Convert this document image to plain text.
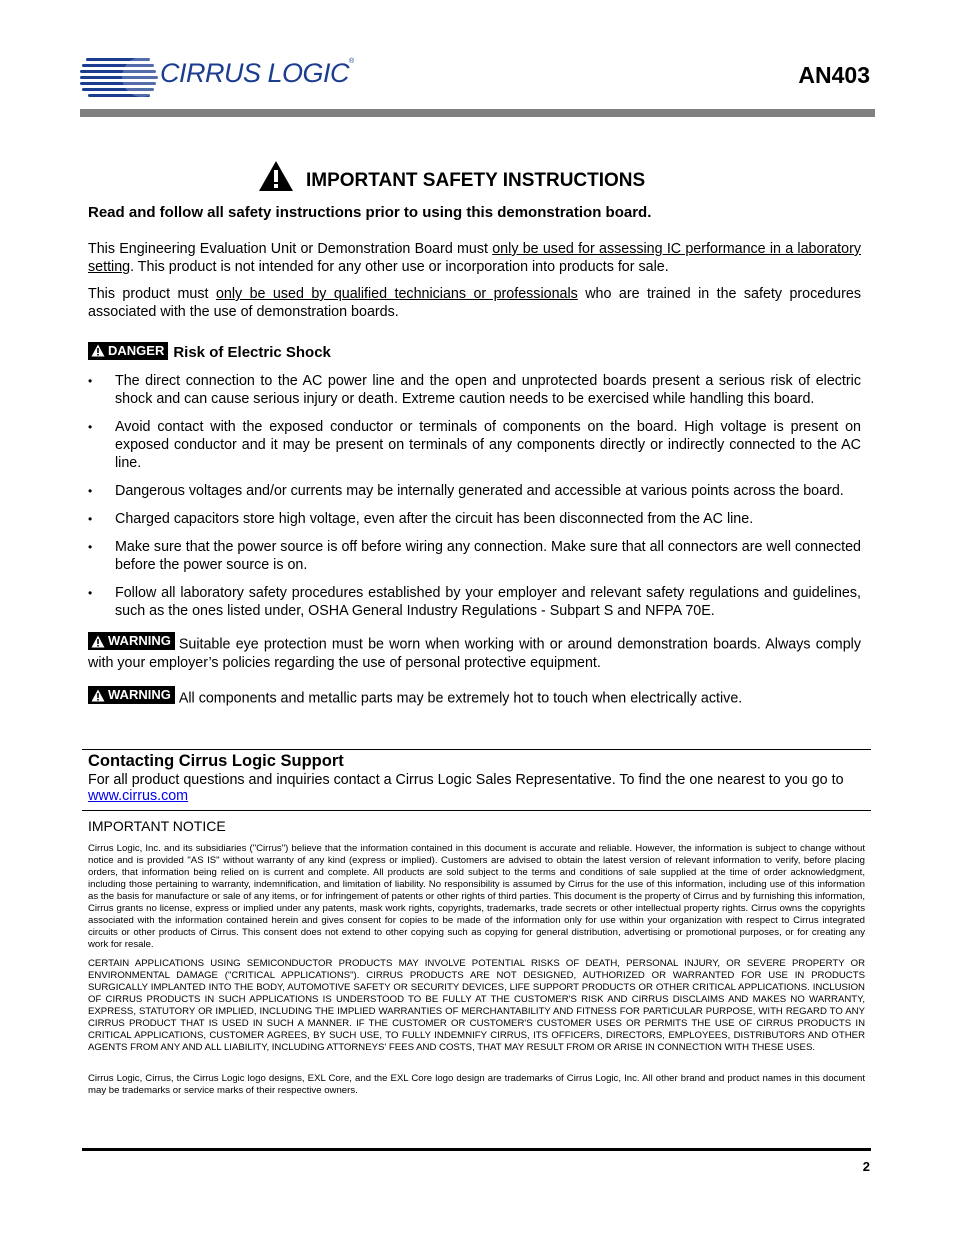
CIRRUS LOGIC®
AN403
IMPORTANT SAFETY INSTRUCTIONS
Read and follow all safety instructions prior to using this demonstration board.
This Engineering Evaluation Unit or Demonstration Board must only be used for assessing IC performance in a laboratory setting. This product is not intended for any other use or incorporation into products for sale.
This product must only be used by qualified technicians or professionals who are trained in the safety procedures associated with the use of demonstration boards.
DANGER Risk of Electric Shock
• The direct connection to the AC power line and the open and unprotected boards present a serious risk of electric shock and can cause serious injury or death. Extreme caution needs to be exercised while handling this board.
• Avoid contact with the exposed conductor or terminals of components on the board. High voltage is present on exposed conductor and it may be present on terminals of any components directly or indirectly connected to the AC line.
• Dangerous voltages and/or currents may be internally generated and accessible at various points across the board.
• Charged capacitors store high voltage, even after the circuit has been disconnected from the AC line.
• Make sure that the power source is off before wiring any connection. Make sure that all connectors are well connected before the power source is on.
• Follow all laboratory safety procedures established by your employer and relevant safety regulations and guidelines, such as the ones listed under, OSHA General Industry Regulations - Subpart S and NFPA 70E.
WARNING Suitable eye protection must be worn when working with or around demonstration boards. Always comply with your employer’s policies regarding the use of personal protective equipment.
WARNING All components and metallic parts may be extremely hot to touch when electrically active.
Contacting Cirrus Logic Support
For all product questions and inquiries contact a Cirrus Logic Sales Representative. To find the one nearest to you go to www.cirrus.com
IMPORTANT NOTICE
Cirrus Logic, Inc. and its subsidiaries ("Cirrus") believe that the information contained in this document is accurate and reliable. However, the information is subject to change without notice and is provided "AS IS" without warranty of any kind (express or implied). Customers are advised to obtain the latest version of relevant information to verify, before placing orders, that information being relied on is current and complete. All products are sold subject to the terms and conditions of sale supplied at the time of order acknowledgment, including those pertaining to warranty, indemnification, and limitation of liability. No responsibility is assumed by Cirrus for the use of this information, including use of this information as the basis for manufacture or sale of any items, or for infringement of patents or other rights of third parties. This document is the property of Cirrus and by furnishing this information, Cirrus grants no license, express or implied under any patents, mask work rights, copyrights, trademarks, trade secrets or other intellectual property rights. Cirrus owns the copyrights associated with the information contained herein and gives consent for copies to be made of the information only for use within your organization with respect to Cirrus integrated circuits or other products of Cirrus. This consent does not extend to other copying such as copying for general distribution, advertising or promotional purposes, or for creating any work for resale.
CERTAIN APPLICATIONS USING SEMICONDUCTOR PRODUCTS MAY INVOLVE POTENTIAL RISKS OF DEATH, PERSONAL INJURY, OR SEVERE PROPERTY OR ENVIRONMENTAL DAMAGE ("CRITICAL APPLICATIONS"). CIRRUS PRODUCTS ARE NOT DESIGNED, AUTHORIZED OR WARRANTED FOR USE IN PRODUCTS SURGICALLY IMPLANTED INTO THE BODY, AUTOMOTIVE SAFETY OR SECURITY DEVICES, LIFE SUPPORT PRODUCTS OR OTHER CRITICAL APPLICATIONS. INCLUSION OF CIRRUS PRODUCTS IN SUCH APPLICATIONS IS UNDERSTOOD TO BE FULLY AT THE CUSTOMER'S RISK AND CIRRUS DISCLAIMS AND MAKES NO WARRANTY, EXPRESS, STATUTORY OR IMPLIED, INCLUDING THE IMPLIED WARRANTIES OF MERCHANTABILITY AND FITNESS FOR PARTICULAR PURPOSE, WITH REGARD TO ANY CIRRUS PRODUCT THAT IS USED IN SUCH A MANNER. IF THE CUSTOMER OR CUSTOMER'S CUSTOMER USES OR PERMITS THE USE OF CIRRUS PRODUCTS IN CRITICAL APPLICATIONS, CUSTOMER AGREES, BY SUCH USE, TO FULLY INDEMNIFY CIRRUS, ITS OFFICERS, DIRECTORS, EMPLOYEES, DISTRIBUTORS AND OTHER AGENTS FROM ANY AND ALL LIABILITY, INCLUDING ATTORNEYS' FEES AND COSTS, THAT MAY RESULT FROM OR ARISE IN CONNECTION WITH THESE USES.
Cirrus Logic, Cirrus, the Cirrus Logic logo designs, EXL Core, and the EXL Core logo design are trademarks of Cirrus Logic, Inc. All other brand and product names in this document may be trademarks or service marks of their respective owners.
2
